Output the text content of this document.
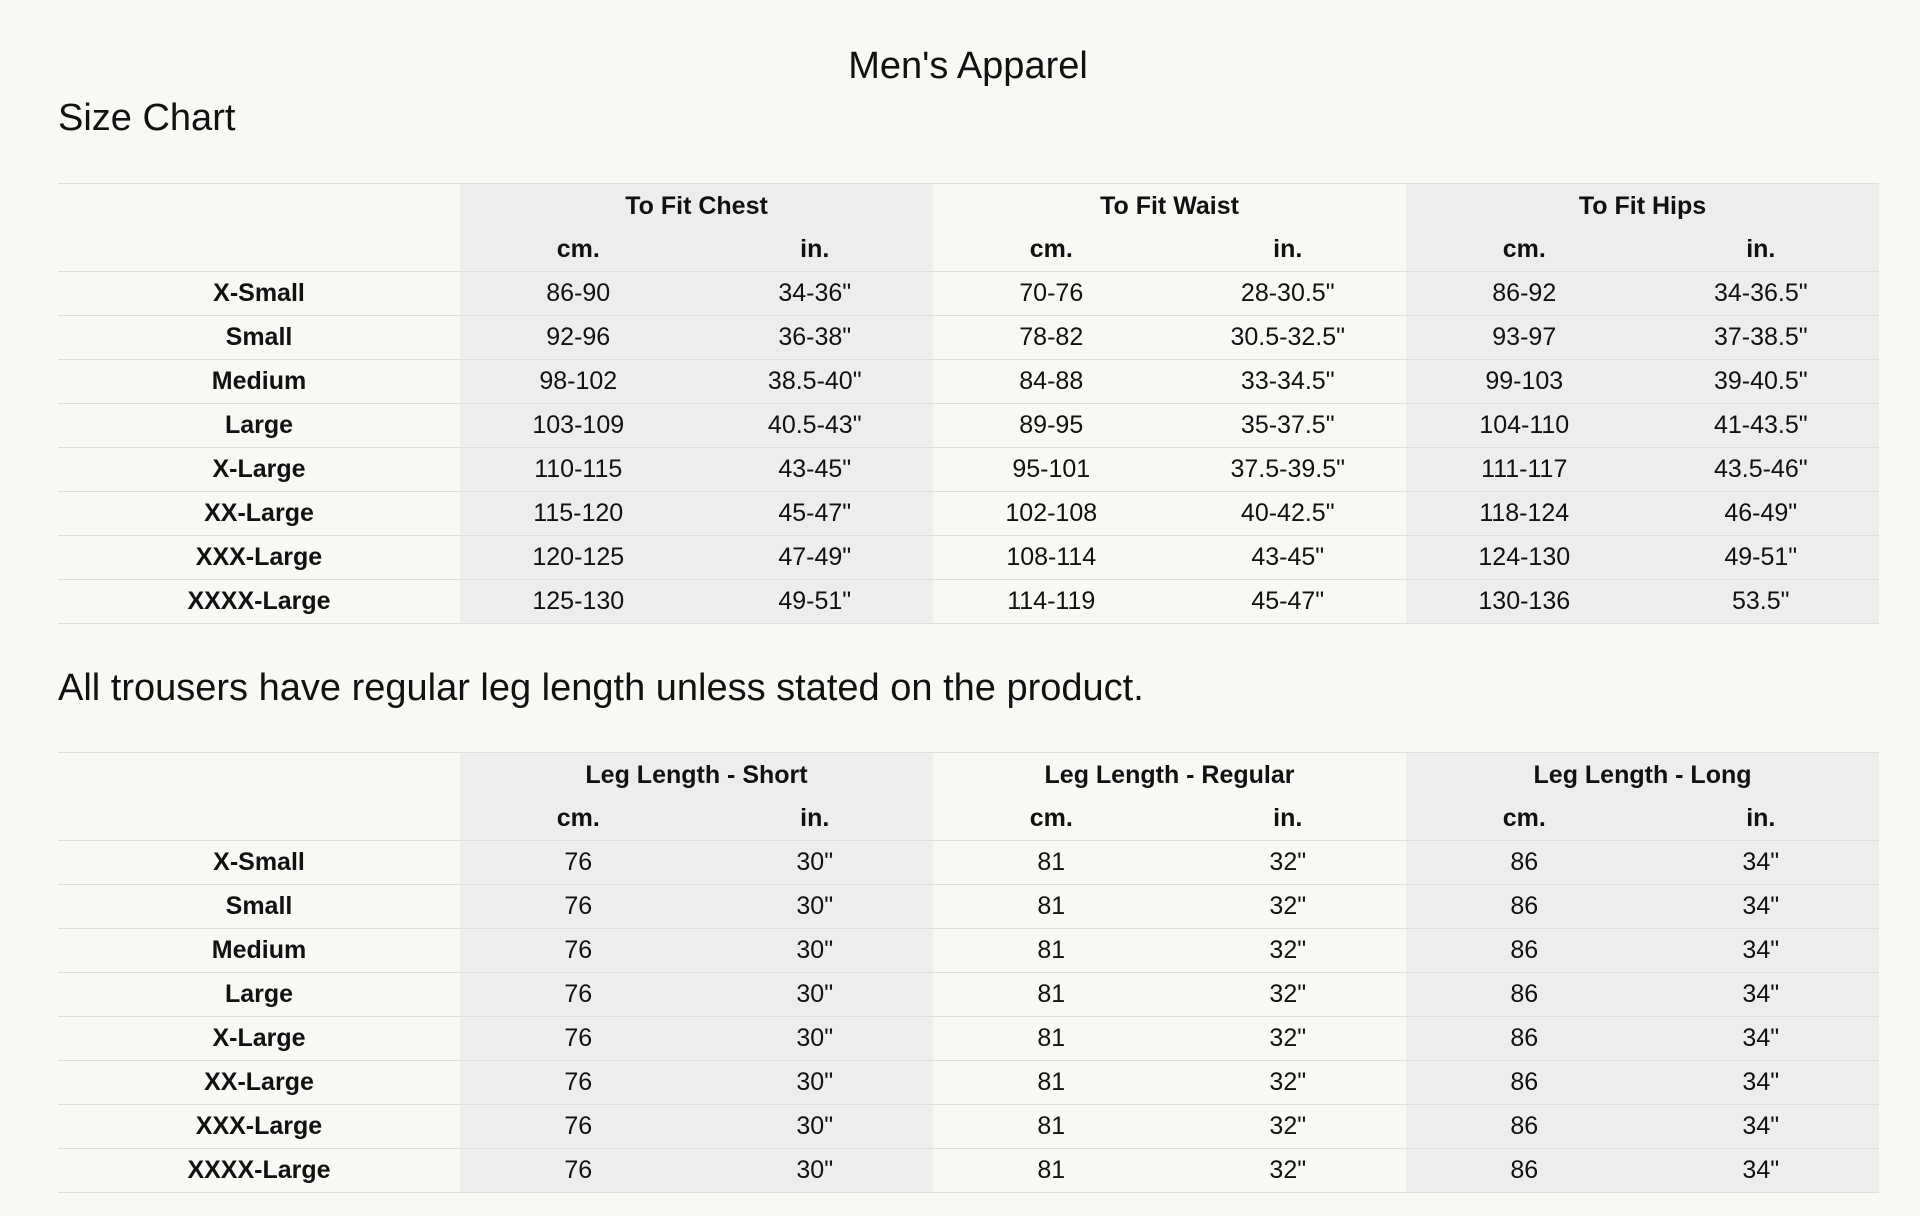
Men's Apparel
Size Chart
	To Fit Chest		To Fit Waist		To Fit Hips	
	cm.	in.	cm.	in.	cm.	in.
X-Small	86-90	34-36"	70-76	28-30.5"	86-92	34-36.5"
Small	92-96	36-38"	78-82	30.5-32.5"	93-97	37-38.5"
Medium	98-102	38.5-40"	84-88	33-34.5"	99-103	39-40.5"
Large	103-109	40.5-43"	89-95	35-37.5"	104-110	41-43.5"
X-Large	110-115	43-45"	95-101	37.5-39.5"	111-117	43.5-46"
XX-Large	115-120	45-47"	102-108	40-42.5"	118-124	46-49"
XXX-Large	120-125	47-49"	108-114	43-45"	124-130	49-51"
XXXX-Large	125-130	49-51"	114-119	45-47"	130-136	53.5"
All trousers have regular leg length unless stated on the product.
	Leg Length - Short		Leg Length - Regular		Leg Length - Long	
	cm.	in.	cm.	in.	cm.	in.
X-Small	76	30"	81	32"	86	34"
Small	76	30"	81	32"	86	34"
Medium	76	30"	81	32"	86	34"
Large	76	30"	81	32"	86	34"
X-Large	76	30"	81	32"	86	34"
XX-Large	76	30"	81	32"	86	34"
XXX-Large	76	30"	81	32"	86	34"
XXXX-Large	76	30"	81	32"	86	34"
